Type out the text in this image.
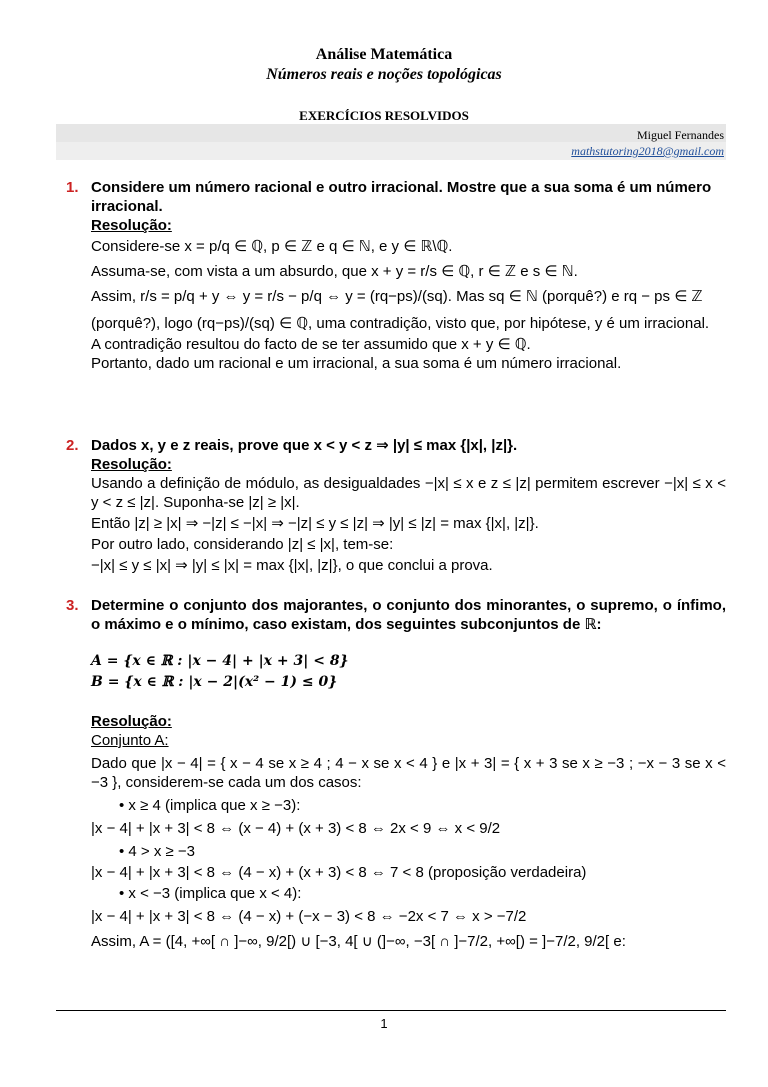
Análise Matemática
Números reais e noções topológicas
EXERCÍCIOS RESOLVIDOS
Miguel Fernandes
mathstutoring2018@gmail.com
1. Considere um número racional e outro irracional. Mostre que a sua soma é um número irracional.
Resolução:
Considere-se x = p/q ∈ ℚ, p ∈ ℤ e q ∈ ℕ, e y ∈ ℝ\ℚ.
Assuma-se, com vista a um absurdo, que x + y = r/s ∈ ℚ, r ∈ ℤ e s ∈ ℕ.
Assim, r/s = p/q + y ⇔ y = r/s − p/q ⇔ y = (rq−ps)/(sq). Mas sq ∈ ℕ (porquê?) e rq − ps ∈ ℤ
(porquê?), logo (rq−ps)/(sq) ∈ ℚ, uma contradição, visto que, por hipótese, y é um irracional.
A contradição resultou do facto de se ter assumido que x + y ∈ ℚ.
Portanto, dado um racional e um irracional, a sua soma é um número irracional.
2. Dados x, y e z reais, prove que x < y < z ⇒ |y| ≤ max {|x|, |z|}.
Resolução:
Usando a definição de módulo, as desigualdades −|x| ≤ x e z ≤ |z| permitem escrever −|x| ≤ x < y < z ≤ |z|. Suponha-se |z| ≥ |x|.
Então |z| ≥ |x| ⇒ −|z| ≤ −|x| ⇒ −|z| ≤ y ≤ |z| ⇒ |y| ≤ |z| = max {|x|, |z|}.
Por outro lado, considerando |z| ≤ |x|, tem-se:
−|x| ≤ y ≤ |x| ⇒ |y| ≤ |x| = max {|x|, |z|}, o que conclui a prova.
3. Determine o conjunto dos majorantes, o conjunto dos minorantes, o supremo, o ínfimo, o máximo e o mínimo, caso existam, dos seguintes subconjuntos de ℝ:
A = {x ∈ ℝ : |x − 4| + |x + 3| < 8}
B = {x ∈ ℝ : |x − 2|(x² − 1) ≤ 0}
Resolução:
Conjunto A:
Dado que |x − 4| = { x − 4 se x ≥ 4 ; 4 − x se x < 4 } e |x + 3| = { x + 3 se x ≥ −3 ; −x − 3 se x < −3 }, considerem-se cada um dos casos:
• x ≥ 4 (implica que x ≥ −3):
|x − 4| + |x + 3| < 8 ⇔ (x − 4) + (x + 3) < 8 ⇔ 2x < 9 ⇔ x < 9/2
• 4 > x ≥ −3
|x − 4| + |x + 3| < 8 ⇔ (4 − x) + (x + 3) < 8 ⇔ 7 < 8 (proposição verdadeira)
• x < −3 (implica que x < 4):
|x − 4| + |x + 3| < 8 ⇔ (4 − x) + (−x − 3) < 8 ⇔ −2x < 7 ⇔ x > −7/2
Assim, A = ([4, +∞[ ∩ ]−∞, 9/2[) ∪ [−3, 4[ ∪ (]−∞, −3[ ∩ ]−7/2, +∞[) = ]−7/2, 9/2[ e:
1
